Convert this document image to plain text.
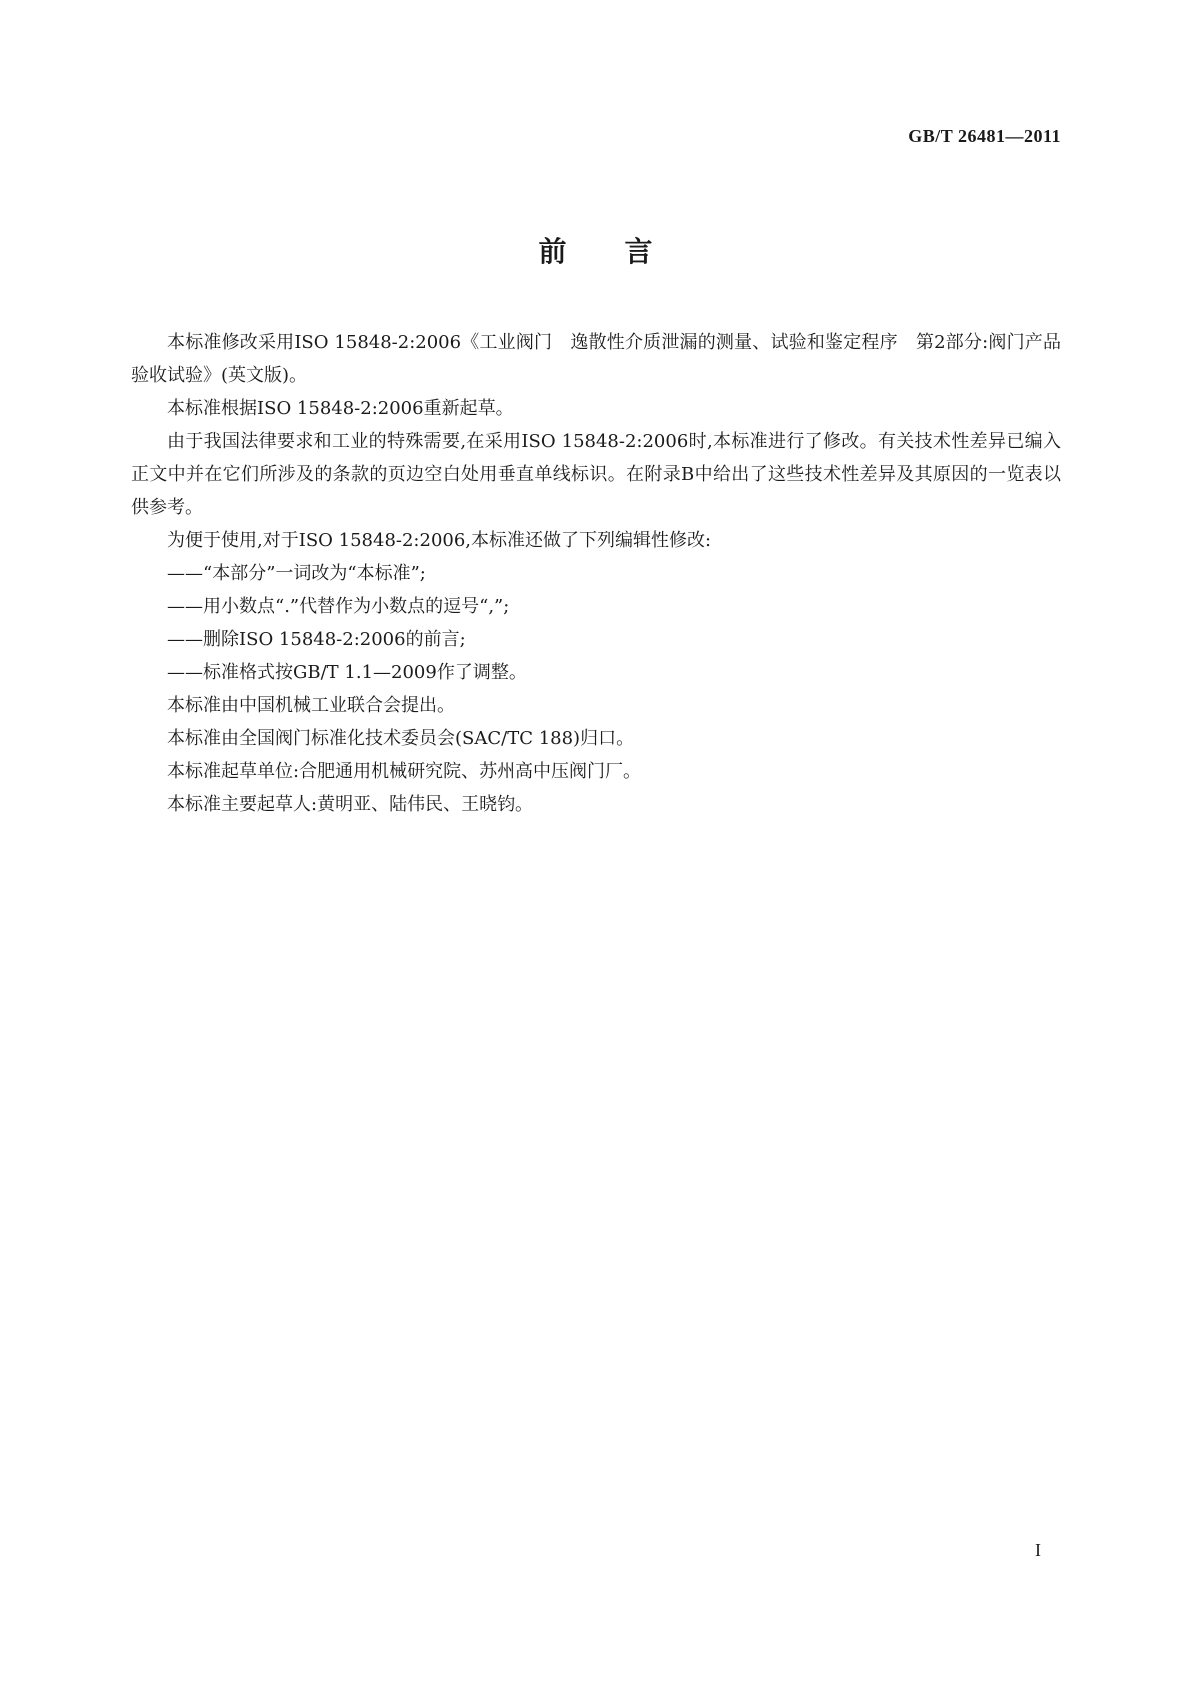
GB/T 26481—2011
前言

本标准修改采用ISO 15848-2:2006《工业阀门　逸散性介质泄漏的测量、试验和鉴定程序　第2部分:阀门产品验收试验》(英文版)。

本标准根据ISO 15848-2:2006重新起草。

由于我国法律要求和工业的特殊需要,在采用ISO 15848-2:2006时,本标准进行了修改。有关技术性差异已编入正文中并在它们所涉及的条款的页边空白处用垂直单线标识。在附录B中给出了这些技术性差异及其原因的一览表以供参考。

为便于使用,对于ISO 15848-2:2006,本标准还做了下列编辑性修改:

——“本部分”一词改为“本标准”;

——用小数点“.”代替作为小数点的逗号“,”;

——删除ISO 15848-2:2006的前言;

——标准格式按GB/T 1.1—2009作了调整。

本标准由中国机械工业联合会提出。

本标准由全国阀门标准化技术委员会(SAC/TC 188)归口。

本标准起草单位:合肥通用机械研究院、苏州高中压阀门厂。

本标准主要起草人:黄明亚、陆伟民、王晓钧。

I
